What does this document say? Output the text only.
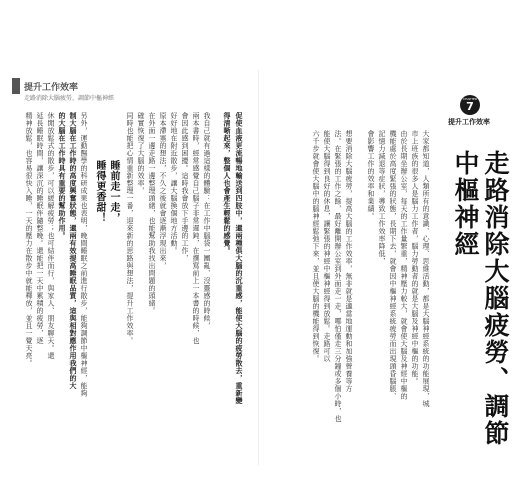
提升工作效率
走路消除大腦疲勞、調節中樞神經
促使血液更流暢地輸送到四肢中，還兩種俱大腦的沉重感，能使大腦的疲勞散去，重新變
得清晰起來，整個人也會產生輕鬆的感覺。
我自己就有過這樣的體驗：在工作中腦袋一團亂、沒靈感的時候，
兩本書時，經常感覺自己腦子非常遲鈍，在撰寫前上一本書的時候，也
會因此感到困擾。這時我會放下手邊的工作，
好好地在附近散步，讓大腦換個地方活動。
原本滯塞的想法，不久之後就會逐漸浮現出來，
在外面一邊走路一邊整理頭緒，也能幫助我找出問題的頭緒。
確實恢復了大腦的效率，
同時也能把心情重新整理一番，迎來新的思路與想法，提升工作效率。
睡前走一走，
睡得更香甜！
另外，運動醫學的科研成果也表明，晚間睡眠之前進行散步，能夠調節中樞神經，能夠
制大腦在工作時的高度興奮狀態，還兩有效提高睡眠品質，這與相對應作用我們的大
的大腦在工作時具有重要的幫助作用。
休閒放鬆式的散步，可以緩解疲勞；也可結伴而行，與家人、朋友聊天。還
延長睡眠時間，讓深沉的睡眠伴隨整晚。還能把一天中累積的疲勞，逐
精神放鬆，也容易很快入睡，一天的壓力在散步中就能釋放，並且一覺天亮。
CHAPTER
7
提升工作效率
走路消除大腦疲勞、調節中樞神經
大家都知道，人類所有的意識、心理、思維活動，都是大腦神經系統的功能展現，城
市上班族的很多人是腦力工作者，腦力勞動者的就是大腦及神經中樞的功能。
由於長期坐辦公室，每天的工作量繁重，精神壓力較大，就會使大腦及神經中樞的
機能處於高度緊張的狀態，長期下去，就會因中樞神經系統疲勞而出現頭昏腦脹、
記憶力減退等症狀，導致工作效率降低，
會影響工作的效率和業績。
想要消除大腦疲勞，提高大腦的工作效率，無非就是適當地運動和加強營養等方
法。在緊張的工作之餘，最好離開辦公室到外面走一走，哪怕僅走三分鐘或多個小時，也
能使大腦得到良好的休息，讓緊張的神經中樞神經得到放鬆。走路可以
六千步就會使大腦中的腦神經鬆弛下來，並且使大腦的機能得到恢復。
